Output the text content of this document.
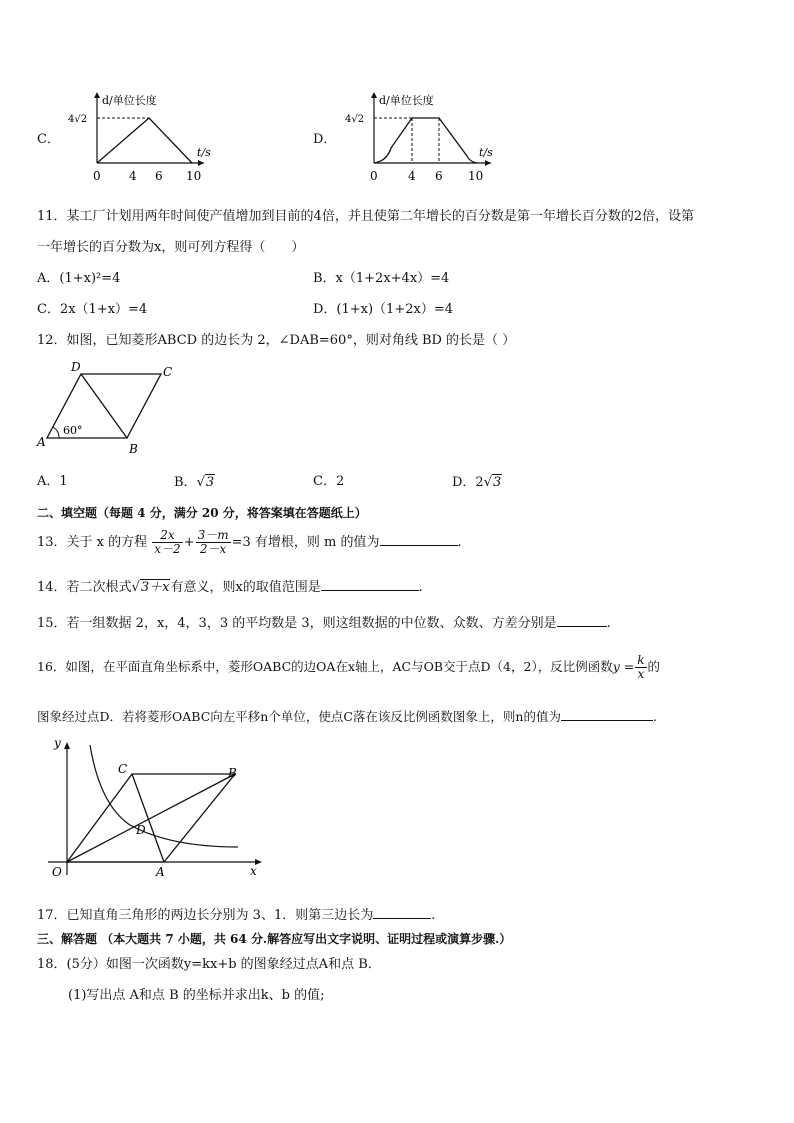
C．
d/单位长度
4√2
t/s
0 4 6 10
D．
d/单位长度
4√2
t/s
0	4 6 10
11．某工厂计划用两年时间使产值增加到目前的4倍，并且使第二年增长的百分数是第一年增长百分数的2倍，设第
一年增长的百分数为x，则可列方程得（　　）
A．(1+x)²=4	B．x（1+2x+4x）=4
C．2x（1+x）=4	D．(1+x)（1+2x）=4
12．如图，已知菱形ABCD 的边长为 2，∠DAB=60°，则对角线 BD 的长是（ ）
D	C
A	B
60°
A．1	B．√3	C．2	D．2√3
二、填空题（每题 4 分，满分 20 分，将答案填在答题纸上）
13．关于 x 的方程 $\frac{2x}{x-2} + \frac{3-m}{2-x} =3$ 有增根，则 m 的值为	.
14．若二次根式√3＋x有意义，则x的取值范围是	.
15．若一组数据 2，x，4，3，3 的平均数是 3，则这组数据的中位数、众数、方差分别是	.
16．如图，在平面直角坐标系中，菱形OABC的边OA在x轴上，AC与OB交于点D（4，2），反比例函数$y = \frac{k}{x}$ 的
图象经过点D．若将菱形OABC向左平移n个单位，使点C落在该反比例函数图象上，则n的值为	.
y
x
O	A
B
C
D
17．已知直角三角形的两边长分别为 3、1．则第三边长为	.
三、解答题 （本大题共 7 小题，共 64 分.解答应写出文字说明、证明过程或演算步骤.）
18．(5分）如图一次函数y=kx+b 的图象经过点A和点 B．
(1)写出点 A和点 B 的坐标并求出k、b 的值;
